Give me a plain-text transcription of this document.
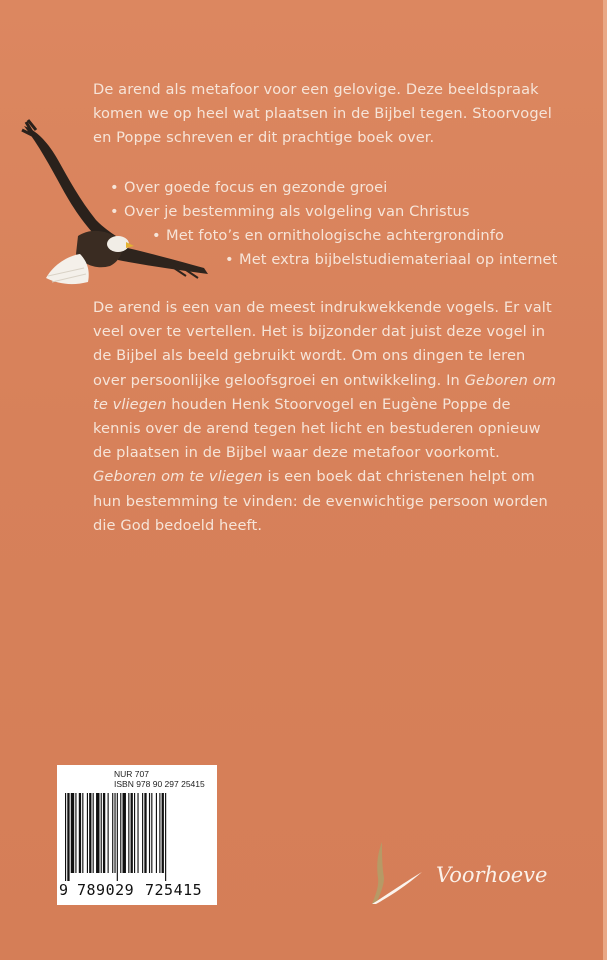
De arend als metafoor voor een gelovige. Deze beeldspraak komen we op heel wat plaatsen in de Bijbel tegen. Stoorvogel en Poppe schreven er dit prachtige boek over.

• Over goede focus en gezonde groei
• Over je bestemming als volgeling van Christus
• Met foto’s en ornithologische achtergrondinfo
• Met extra bijbelstudiemateriaal op internet

De arend is een van de meest indrukwekkende vogels. Er valt veel over te vertellen. Het is bijzonder dat juist deze vogel in de Bijbel als beeld gebruikt wordt. Om ons dingen te leren over persoonlijke geloofsgroei en ontwikkeling. In Geboren om te vliegen houden Henk Stoorvogel en Eugène Poppe de kennis over de arend tegen het licht en bestuderen opnieuw de plaatsen in de Bijbel waar deze metafoor voorkomt. Geboren om te vliegen is een boek dat christenen helpt om hun bestemming te vinden: de evenwichtige persoon worden die God bedoeld heeft.

NUR 707
ISBN 978 90 297 25415
9 789029 725415
Voorhoeve
